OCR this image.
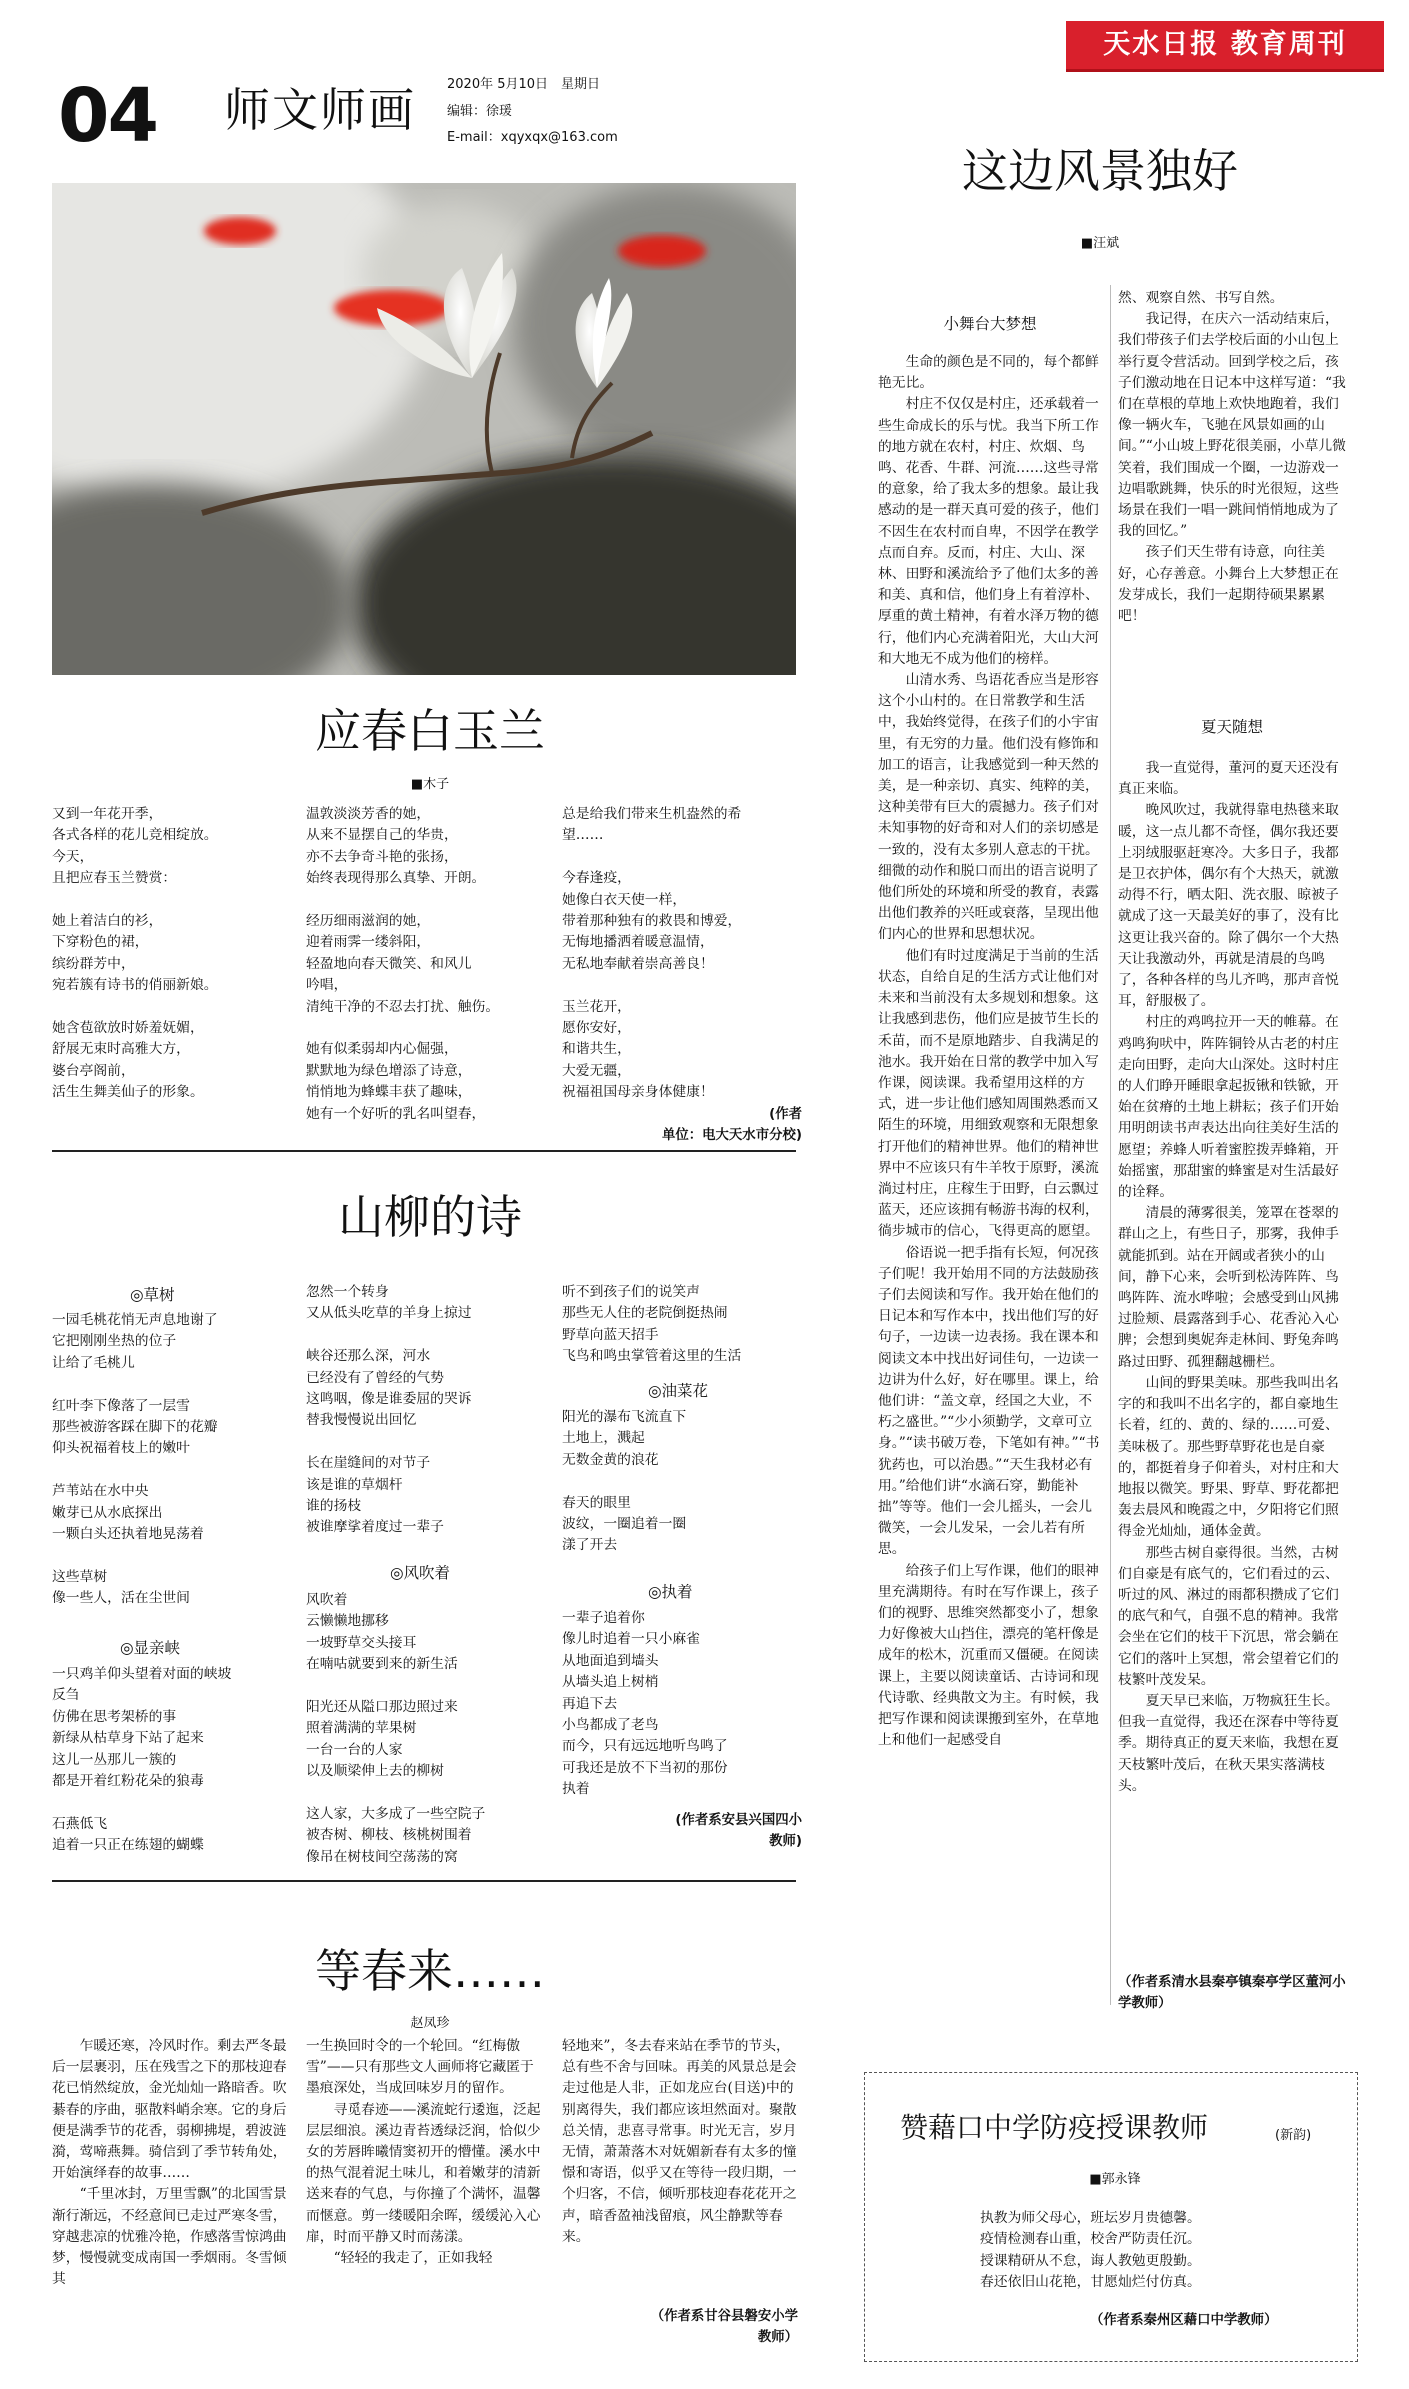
天水日报 教育周刊
04 师文师画 2020年 5月10日　星期日
编辑：徐瑗
E-mail：xqyxqx@163.com
这边风景独好
■汪斌
小舞台大梦想
　　生命的颜色是不同的，每个都鲜艳无比。
　　村庄不仅仅是村庄，还承载着一些生命成长的乐与忧。我当下所工作的地方就在农村，村庄、炊烟、鸟鸣、花香、牛群、河流……这些寻常的意象，给了我太多的想象。最让我感动的是一群天真可爱的孩子，他们不因生在农村而自卑，不因学在教学点而自弃。反而，村庄、大山、深林、田野和溪流给予了他们太多的善和美、真和信，他们身上有着淳朴、厚重的黄土精神，有着水泽万物的德行，他们内心充满着阳光，大山大河和大地无不成为他们的榜样。
　　山清水秀、鸟语花香应当是形容这个小山村的。在日常教学和生活中，我始终觉得，在孩子们的小宇宙里，有无穷的力量。他们没有修饰和加工的语言，让我感觉到一种天然的美，是一种亲切、真实、纯粹的美，这种美带有巨大的震撼力。孩子们对未知事物的好奇和对人们的亲切感是一致的，没有太多别人意志的干扰。细微的动作和脱口而出的语言说明了他们所处的环境和所受的教育，表露出他们教养的兴旺或衰落，呈现出他们内心的世界和思想状况。
　　他们有时过度满足于当前的生活状态，自给自足的生活方式让他们对未来和当前没有太多规划和想象。这让我感到悲伤，他们应是披节生长的禾苗，而不是原地踏步、自我满足的池水。我开始在日常的教学中加入写作课，阅读课。我希望用这样的方式，进一步让他们感知周围熟悉而又陌生的环境，用细致观察和无限想象打开他们的精神世界。他们的精神世界中不应该只有牛羊牧于原野，溪流淌过村庄，庄稼生于田野，白云飘过蓝天，还应该拥有畅游书海的权利，徜步城市的信心，飞得更高的愿望。
　　俗语说一把手指有长短，何况孩子们呢！我开始用不同的方法鼓励孩子们去阅读和写作。我开始在他们的日记本和写作本中，找出他们写的好句子，一边读一边表扬。我在课本和阅读文本中找出好词佳句，一边读一边讲为什么好，好在哪里。课上，给他们讲：“盖文章，经国之大业，不朽之盛世。”“少小须勤学，文章可立身。”“读书破万卷，下笔如有神。”“书犹药也，可以治愚。”“天生我材必有用。”给他们讲“水滴石穿，勤能补拙”等等。他们一会儿摇头，一会儿微笑，一会儿发呆，一会儿若有所思。
　　给孩子们上写作课，他们的眼神里充满期待。有时在写作课上，孩子们的视野、思维突然都变小了，想象力好像被大山挡住，漂亮的笔杆像是成年的松木，沉重而又僵硬。在阅读课上，主要以阅读童话、古诗词和现代诗歌、经典散文为主。有时候，我把写作课和阅读课搬到室外，在草地上和他们一起感受自
然、观察自然、书写自然。
　　我记得，在庆六一活动结束后，我们带孩子们去学校后面的小山包上举行夏令营活动。回到学校之后，孩子们激动地在日记本中这样写道：“我们在草根的草地上欢快地跑着，我们像一辆火车，飞驰在风景如画的山间。”“小山坡上野花很美丽，小草儿微笑着，我们围成一个圈，一边游戏一边唱歌跳舞，快乐的时光很短，这些场景在我们一唱一跳间悄悄地成为了我的回忆。”
　　孩子们天生带有诗意，向往美好，心存善意。小舞台上大梦想正在发芽成长，我们一起期待硕果累累吧！
夏天随想
　　我一直觉得，董河的夏天还没有真正来临。
　　晚风吹过，我就得靠电热毯来取暖，这一点儿都不奇怪，偶尔我还要上羽绒服驱赶寒冷。大多日子，我都是卫衣护体，偶尔有个大热天，就激动得不行，晒太阳、洗衣服、晾被子就成了这一天最美好的事了，没有比这更让我兴奋的。除了偶尔一个大热天让我激动外，再就是清晨的鸟鸣了，各种各样的鸟儿齐鸣，那声音悦耳，舒服极了。
　　村庄的鸡鸣拉开一天的帷幕。在鸡鸣狗吠中，阵阵铜铃从古老的村庄走向田野，走向大山深处。这时村庄的人们睁开睡眼拿起扳锹和铁锨，开始在贫瘠的土地上耕耘；孩子们开始用明朗读书声表达出向往美好生活的愿望；养蜂人听着蜜腔拨弄蜂箱，开始摇蜜，那甜蜜的蜂蜜是对生活最好的诠释。
　　清晨的薄雾很美，笼罩在苍翠的群山之上，有些日子，那雾，我伸手就能抓到。站在开阔或者狭小的山间，静下心来，会听到松涛阵阵、鸟鸣阵阵、流水哗啦；会感受到山风拂过脸颊、晨露落到手心、花香沁入心脾；会想到奥妮奔走林间、野兔奔鸣路过田野、孤狸翻越栅栏。
　　山间的野果美味。那些我叫出名字的和我叫不出名字的，都自豪地生长着，红的、黄的、绿的……可爱、美味极了。那些野草野花也是自豪的，都挺着身子仰着头，对村庄和大地报以微笑。野果、野草、野花都把轰去晨风和晚霞之中，夕阳将它们照得金光灿灿，通体金黄。
　　那些古树自豪得很。当然，古树们自豪是有底气的，它们看过的云、听过的风、淋过的雨都积攒成了它们的底气和气，自强不息的精神。我常会坐在它们的枝干下沉思，常会躺在它们的落叶上冥想，常会望着它们的枝繁叶茂发呆。
　　夏天早已来临，万物疯狂生长。但我一直觉得，我还在深春中等待夏季。期待真正的夏天来临，我想在夏天枝繁叶茂后，在秋天果实落满枝头。
（作者系清水县秦亭镇秦亭学区董河小学教师）
应春白玉兰
■木子
又到一年花开季，
各式各样的花儿竞相绽放。
今天，
且把应春玉兰赞赏：

她上着洁白的衫，
下穿粉色的裙，
缤纷群芳中，
宛若簇有诗书的俏丽新娘。

她含苞欲放时娇羞妩媚，
舒展无束时高雅大方，
婆台亭阁前，
活生生舞美仙子的形象。
温敦淡淡芳香的她，
从来不显摆自己的华贵，
亦不去争奇斗艳的张扬，
始终表现得那么真挚、开朗。

经历细雨滋润的她，
迎着雨霁一缕斜阳，
轻盈地向春天微笑、和风儿
吟唱，
清纯干净的不忍去打扰、触伤。

她有似柔弱却内心倔强，
默默地为绿色增添了诗意，
悄悄地为蜂蝶丰获了趣味，
她有一个好听的乳名叫望春，
总是给我们带来生机盎然的希
望……

今春逢疫，
她像白衣天使一样，
带着那种独有的救畏和博爱，
无悔地播洒着暖意温情，
无私地奉献着崇高善良！

玉兰花开，
愿你安好，
和谐共生，
大爱无疆，
祝福祖国母亲身体健康！
(作者
单位：电大天水市分校)
山柳的诗
◎草树
一园毛桃花悄无声息地谢了
它把刚刚坐热的位子
让给了毛桃儿

红叶李下像落了一层雪
那些被游客踩在脚下的花瓣
仰头祝福着枝上的嫩叶

芦苇站在水中央
嫩芽已从水底探出
一颗白头还执着地晃荡着

这些草树
像一些人，活在尘世间
◎显亲峡
一只鸡羊仰头望着对面的峡坡
反刍
仿佛在思考架桥的事
新绿从枯草身下站了起来
这儿一丛那儿一簇的
都是开着红粉花朵的狼毒

石燕低飞
追着一只正在练翅的蝴蝶
忽然一个转身
又从低头吃草的羊身上掠过

峡谷还那么深，河水
已经没有了曾经的气势
这鸣咽，像是谁委屈的哭诉
替我慢慢说出回忆

长在崖缝间的对节子
该是谁的草烟杆
谁的扬枝
被谁摩挲着度过一辈子
◎风吹着
风吹着
云懒懒地挪移
一坡野草交头接耳
在喃咕就要到来的新生活

阳光还从隘口那边照过来
照着满满的苹果树
一台一台的人家
以及顺梁伸上去的柳树

这人家，大多成了一些空院子
被杏树、柳枝、核桃树围着
像吊在树枝间空荡荡的窝
听不到孩子们的说笑声
那些无人住的老院倒挺热闹
野草向蓝天招手
飞鸟和鸣虫掌管着这里的生活
◎油菜花
阳光的瀑布飞流直下
土地上，溅起
无数金黄的浪花

春天的眼里
波纹，一圈追着一圈
漾了开去
◎执着
一辈子追着你
像儿时追着一只小麻雀
从地面追到墙头
从墙头追上树梢
再追下去
小鸟都成了老鸟
而今，只有远远地听鸟鸣了
可我还是放不下当初的那份
执着
(作者系安县兴国四小
教师)
等春来……
赵凤珍
　　乍暖还寒，冷风时作。剩去严冬最后一层裹羽，压在残雪之下的那枝迎春花已悄然绽放，金光灿灿一路暗香。吹綦春的序曲，驱散料峭余寒。它的身后便是满季节的花香，弱柳拂堤，碧波涟漪，莺啼燕舞。骑信到了季节转角处，开始演绎春的故事……
　　“千里冰封，万里雪飘”的北国雪景渐行渐远，不经意间已走过严寒冬雪，穿越悲凉的忧雅冷艳，作感落雪惊鸿曲梦，慢慢就变成南国一季烟雨。冬雪倾其
一生换回时令的一个轮回。“红梅傲雪”——只有那些文人画师将它藏匿于墨痕深处，当成回味岁月的留作。
　　寻觅春迹——溪流蛇行逶迤，泛起层层细浪。溪边青苔透绿泛润，恰似少女的芳唇眸曦情窦初开的懵懂。溪水中的热气混着泥土味儿，和着嫩芽的清新送来春的气息，与你撞了个满怀，温馨而惬意。剪一缕暖阳余晖，缓缓沁入心扉，时而平静又时而荡漾。
　　“轻轻的我走了，正如我轻
轻地来”，冬去春来站在季节的节头，总有些不舍与回味。再美的风景总是会走过他是人非，正如龙应台(目送)中的别离得失，我们都应该坦然面对。聚散总关情，悲喜寻常事。时光无言，岁月无情，萧萧落木对妩媚新春有太多的憧憬和寄语，似乎又在等待一段归期，一个归客，不信，倾听那枝迎春花花开之声，暗香盈袖浅留痕，风尘静默等春来。
（作者系甘谷县磐安小学
教师）
赞藉口中学防疫授课教师	(新韵)
■郭永锋
执教为师父母心，班坛岁月贵德馨。
疫情检测春山重，校舍严防责任沉。
授课精研从不怠，诲人教勉更殷勤。
春还依旧山花艳，甘愿灿烂付仿真。
（作者系秦州区藉口中学教师）
